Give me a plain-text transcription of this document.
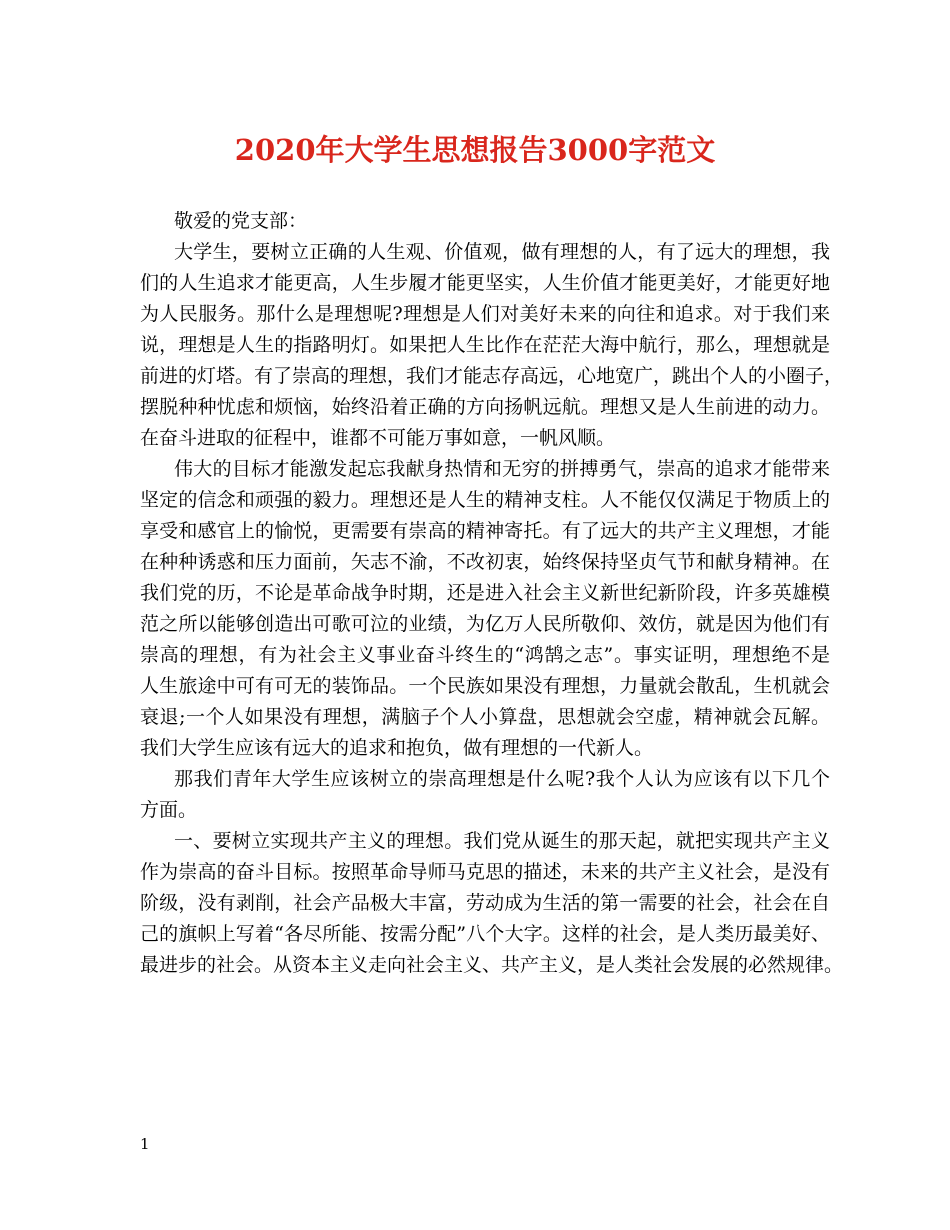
2020年大学生思想报告3000字范文
敬爱的党支部：
大学生，要树立正确的人生观、价值观，做有理想的人，有了远大的理想，我
们的人生追求才能更高，人生步履才能更坚实，人生价值才能更美好，才能更好地
为人民服务。那什么是理想呢?理想是人们对美好未来的向往和追求。对于我们来
说，理想是人生的指路明灯。如果把人生比作在茫茫大海中航行，那么，理想就是
前进的灯塔。有了崇高的理想，我们才能志存高远，心地宽广，跳出个人的小圈子，
摆脱种种忧虑和烦恼，始终沿着正确的方向扬帆远航。理想又是人生前进的动力。
在奋斗进取的征程中，谁都不可能万事如意，一帆风顺。
伟大的目标才能激发起忘我献身热情和无穷的拼搏勇气，崇高的追求才能带来
坚定的信念和顽强的毅力。理想还是人生的精神支柱。人不能仅仅满足于物质上的
享受和感官上的愉悦，更需要有崇高的精神寄托。有了远大的共产主义理想，才能
在种种诱惑和压力面前，矢志不渝，不改初衷，始终保持坚贞气节和献身精神。在
我们党的历，不论是革命战争时期，还是进入社会主义新世纪新阶段，许多英雄模
范之所以能够创造出可歌可泣的业绩，为亿万人民所敬仰、效仿，就是因为他们有
崇高的理想，有为社会主义事业奋斗终生的“鸿鹄之志”。事实证明，理想绝不是
人生旅途中可有可无的装饰品。一个民族如果没有理想，力量就会散乱，生机就会
衰退;一个人如果没有理想，满脑子个人小算盘，思想就会空虚，精神就会瓦解。
我们大学生应该有远大的追求和抱负，做有理想的一代新人。
那我们青年大学生应该树立的崇高理想是什么呢?我个人认为应该有以下几个
方面。
一、要树立实现共产主义的理想。我们党从诞生的那天起，就把实现共产主义
作为崇高的奋斗目标。按照革命导师马克思的描述，未来的共产主义社会，是没有
阶级，没有剥削，社会产品极大丰富，劳动成为生活的第一需要的社会，社会在自
己的旗帜上写着“各尽所能、按需分配”八个大字。这样的社会，是人类历最美好、
最进步的社会。从资本主义走向社会主义、共产主义，是人类社会发展的必然规律。
1
